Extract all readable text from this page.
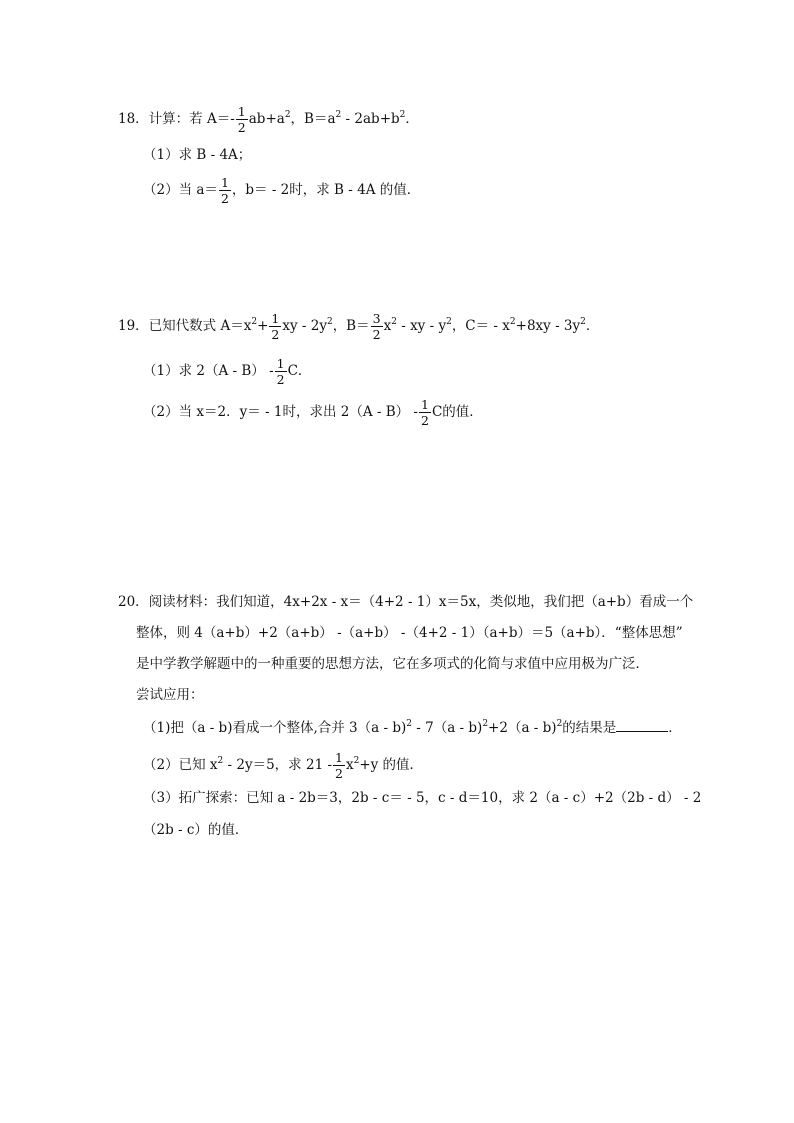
18．计算：若 $A=- \frac{1}{2} ab+a^2$，$B=a^2 - 2ab+b^2$．
（1）求 B - 4A；
（2）当 $a= \frac{1}{2}$ ，b＝ - 2时，求 B - 4A 的值．
19．已知代数式 $A=x^2+ \frac{1}{2}$ xy - $2y^2$，$B= \frac{3}{2} x^2$ - xy - $y^2$，$C= - x^2+8xy - 3y^2$．
（1）求 $2(A - B) - \frac{1}{2}$ C．
（2）当 x＝2．y＝ - 1时，求出 $2(A - B) - \frac{1}{2}$ C的值．
20．阅读材料：我们知道，4x+2x - x＝（4+2 - 1）x＝5x，类似地，我们把（a+b）看成一个
整体，则 4（a+b）+2（a+b） -（a+b） -（4+2 - 1）（a+b）＝5（a+b）．“整体思想”
是中学教学解题中的一种重要的思想方法，它在多项式的化简与求值中应用极为广泛．
尝试应用：
（1)把（a - b)看成一个整体,合并 3（a - b)$^2$ - 7（a - b)$^2$+2（a - b)$^2$的结果是	．
（2）已知 $x^2 - 2y=5$，求 $21 - \frac{1}{2} x^2+y$ 的值．
（3）拓广探索：已知 a - 2b＝3，2b - c＝ - 5，c - d＝10，求 2（a - c）+2（2b - d） - 2
（2b - c）的值．
